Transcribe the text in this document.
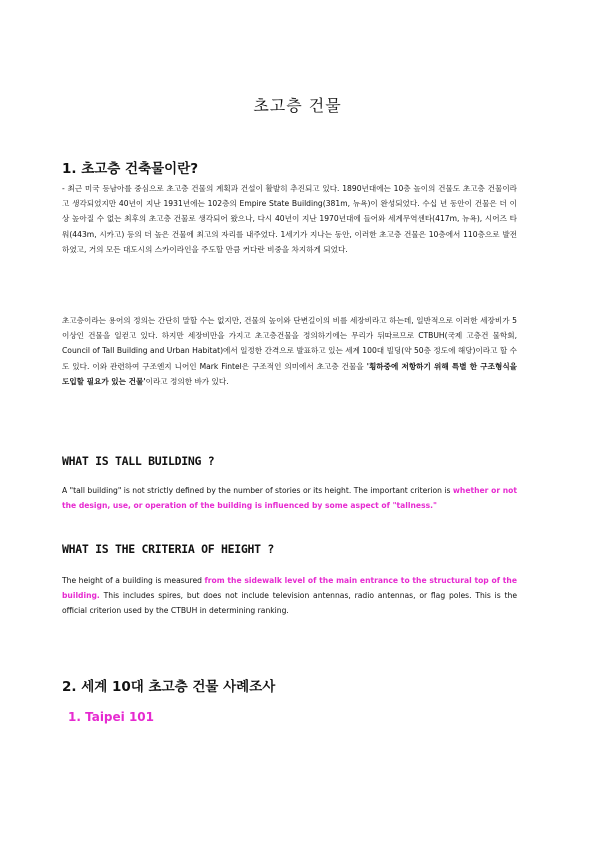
초고층 건물
1. 초고층 건축물이란?
- 최근 미국 등남아를 중심으로 초고층 건물의 계획과 건설이 활발히 추진되고 있다. 1890년대에는 10층 높이의 건물도 초고층 건물이라고 생각되었지만 40년이 지난 1931년에는 102층의 Empire State Building(381m, 뉴욕)이 완성되었다. 수십 년 동안이 건물은 더 이상 높아질 수 없는 최후의 초고층 건물로 생각되어 왔으나, 다시 40년이 지난 1970년대에 들어와 세계무역센타(417m, 뉴욕), 시어즈 타워(443m, 시카고) 등의 더 높은 건물에 최고의 자리를 내주었다. 1세기가 지나는 동안, 이러한 초고층 건물은 10층에서 110층으로 발전하였고, 거의 모든 대도시의 스카이라인을 주도할 만큼 커다란 비중을 차지하게 되었다.
초고층이라는 용어의 정의는 간단히 말할 수는 없지만, 건물의 높이와 단변길이의 비를 세장비라고 하는데, 일반적으로 이러한 세장비가 5 이상인 건물을 일컫고 있다. 하지만 세장비만을 가지고 초고층건물을 정의하기에는 무리가 뒤따르므로 CTBUH(국제 고층건 물학회, Council of Tall Building and Urban Habitat)에서 일정한 간격으로 발표하고 있는 세계 100대 빌딩(약 50층 정도에 해당)이라고 할 수도 있다. 이와 관련하여 구조엔지 니어인 Mark Fintel은 구조적인 의미에서 초고층 건물을 '횡하중에 저항하기 위해 특별 한 구조형식을 도입할 필요가 있는 건물'이라고 정의한 바가 있다.
WHAT IS TALL BUILDING ?
A "tall building" is not strictly defined by the number of stories or its height. The important criterion is whether or not the design, use, or operation of the building is influenced by some aspect of "tallness."
WHAT IS THE CRITERIA OF HEIGHT ?
The height of a building is measured from the sidewalk level of the main entrance to the structural top of the building. This includes spires, but does not include television antennas, radio antennas, or flag poles. This is the official criterion used by the CTBUH in determining ranking.
2. 세계 10대 초고층 건물 사례조사
1. Taipei 101
